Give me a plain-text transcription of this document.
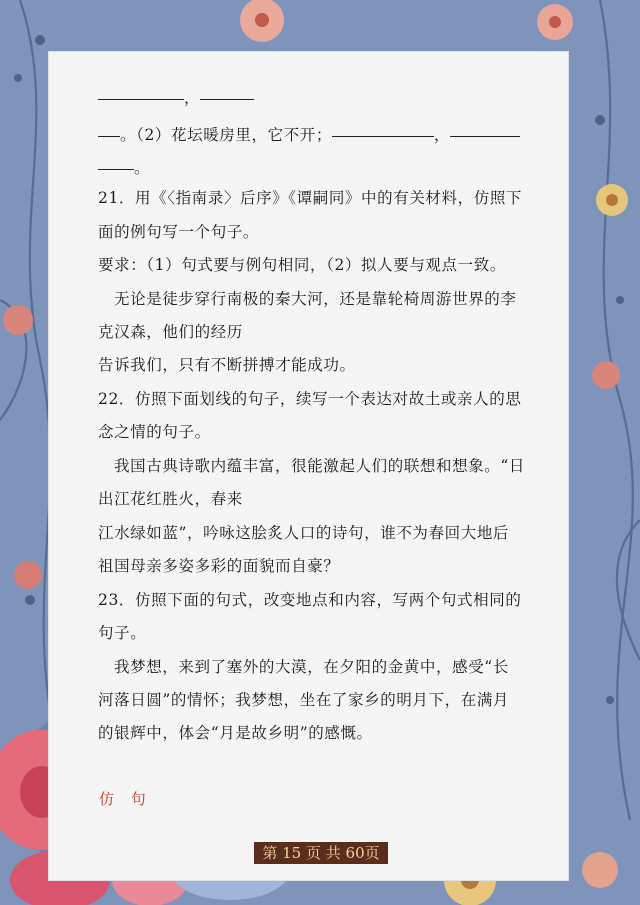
，
。（2）花坛暖房里，它不开；	，
。
21．用《〈指南录〉后序》《谭嗣同》中的有关材料，仿照下
面的例句写一个句子。
要求：（1）句式要与例句相同，（2）拟人要与观点一致。
无论是徒步穿行南极的秦大河，还是靠轮椅周游世界的李
克汉森，他们的经历
告诉我们，只有不断拼搏才能成功。
22．仿照下面划线的句子，续写一个表达对故土或亲人的思
念之情的句子。
我国古典诗歌内蕴丰富，很能激起人们的联想和想象。“日
出江花红胜火，春来
江水绿如蓝”，吟咏这脍炙人口的诗句，谁不为春回大地后
祖国母亲多姿多彩的面貌而自豪？
23．仿照下面的句式，改变地点和内容，写两个句式相同的
句子。
我梦想，来到了塞外的大漠，在夕阳的金黄中，感受“长
河落日圆”的情怀；我梦想，坐在了家乡的明月下，在满月
的银辉中，体会“月是故乡明”的感慨。
仿 句
第 15 页 共 60页
